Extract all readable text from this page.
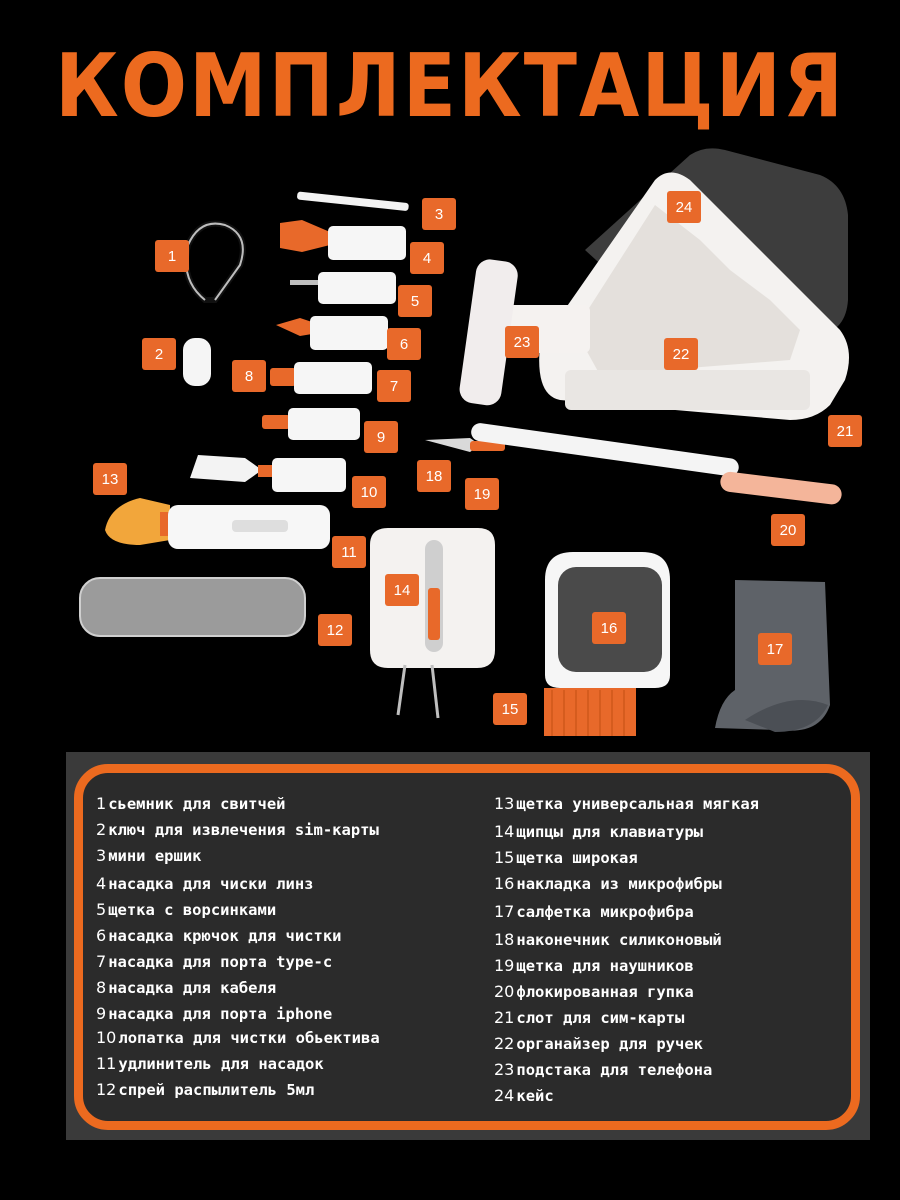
КОМПЛЕКТАЦИЯ
1
2
3
4
5
6
7
8
9
10
11
12
13
14
15
16
17
18
19
20
21
22
23
24
1 сьемник для свитчей
2 ключ для извлечения sim-карты
3 мини ершик
4 насадка для чиски линз
5 щетка с ворсинками
6 насадка крючок для чистки
7 насадка для порта type-c
8 насадка для кабеля
9 насадка для порта iphone
10 лопатка для чистки обьектива
11 удлинитель для насадок
12 спрей распылитель 5мл
13 щетка универсальная мягкая
14 щипцы для клавиатуры
15 щетка широкая
16 накладка из микрофибры
17 салфетка микрофибра
18 наконечник силиконовый
19 щетка для наушников
20 флокированная гупка
21 слот для сим-карты
22 органайзер для ручек
23 подстака для телефона
24 кейс
